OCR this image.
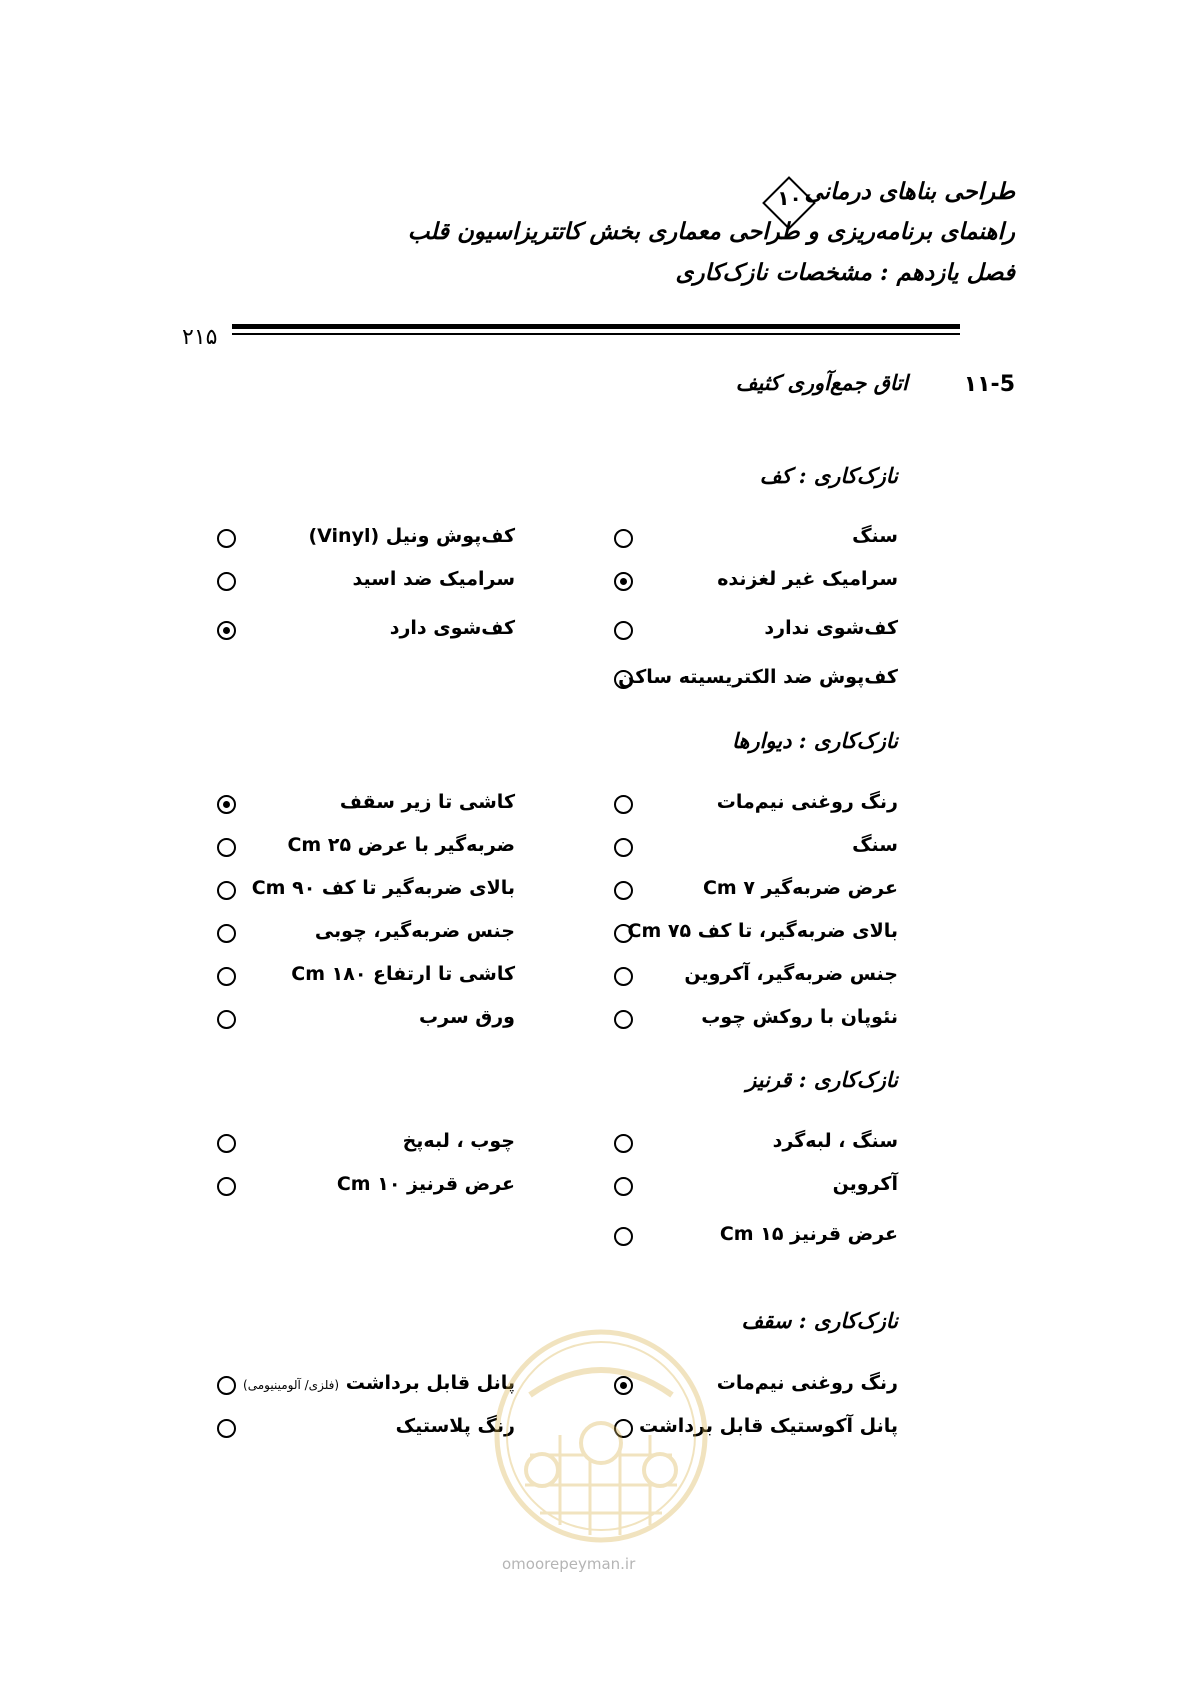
طراحی بناهای درمانی
۱۰
راهنمای برنامه‌ریزی و طراحی معماری بخش کاتتریزاسیون قلب
فصل یازدهم : مشخصات نازک‌کاری
۲۱۵
۱۱-5
اتاق جمع‌آوری کثیف
نازک‌کاری : کف
سنگ
کف‌پوش ونیل (Vinyl)
سرامیک غیر لغزنده
سرامیک ضد اسید
کف‌شوی ندارد
کف‌شوی دارد
کف‌پوش ضد الکتریسیته ساکن
نازک‌کاری : دیوارها
رنگ روغنی نیم‌مات
کاشی تا زیر سقف
سنگ
ضربه‌گیر با عرض ۲۵ Cm
عرض ضربه‌گیر ۷ Cm
بالای ضربه‌گیر تا کف ۹۰ Cm
بالای ضربه‌گیر، تا کف ۷۵ Cm
جنس ضربه‌گیر، چوبی
جنس ضربه‌گیر، آکروین
کاشی تا ارتفاع ۱۸۰ Cm
نئوپان با روکش چوب
ورق سرب
نازک‌کاری : قرنیز
سنگ ، لبه‌گرد
چوب ، لبه‌پخ
آکروین
عرض قرنیز ۱۰ Cm
عرض قرنیز ۱۵ Cm
نازک‌کاری : سقف
رنگ روغنی نیم‌مات
پانل قابل برداشت (فلزی/ آلومینیومی)
پانل آکوستیک قابل برداشت
رنگ پلاستیک
omoorepeyman.ir
